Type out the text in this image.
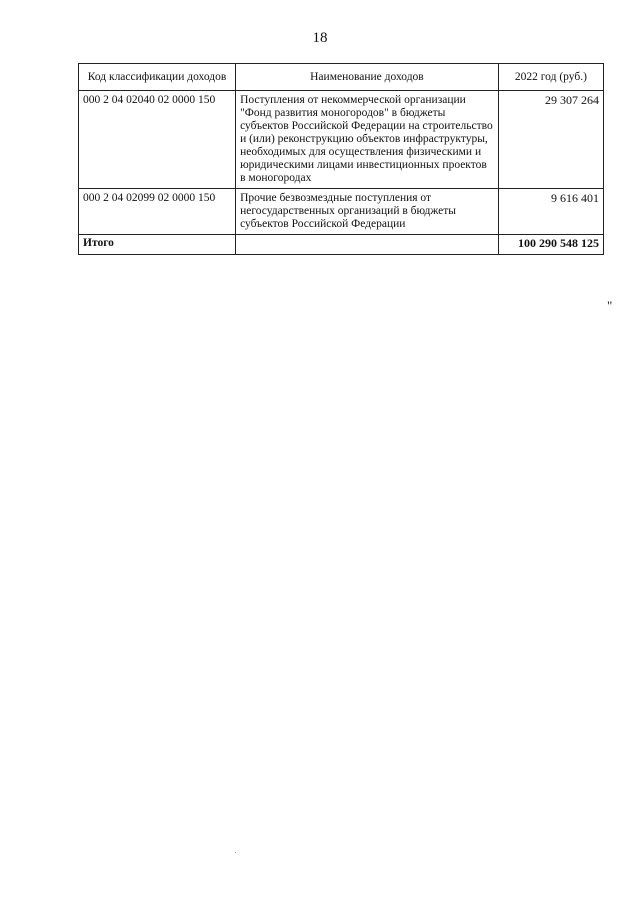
18
Код классификации доходов	Наименование доходов	2022 год (руб.)
000 2 04 02040 02 0000 150	Поступления от некоммерческой организации "Фонд развития моногородов" в бюджеты субъектов Российской Федерации на строительство и (или) реконструкцию объектов инфраструктуры, необходимых для осуществления физическими и юридическими лицами инвестиционных проектов в моногородах	29 307 264
000 2 04 02099 02 0000 150	Прочие безвозмездные поступления от негосударственных организаций в бюджеты субъектов Российской Федерации	9 616 401
Итого		100 290 548 125
"
